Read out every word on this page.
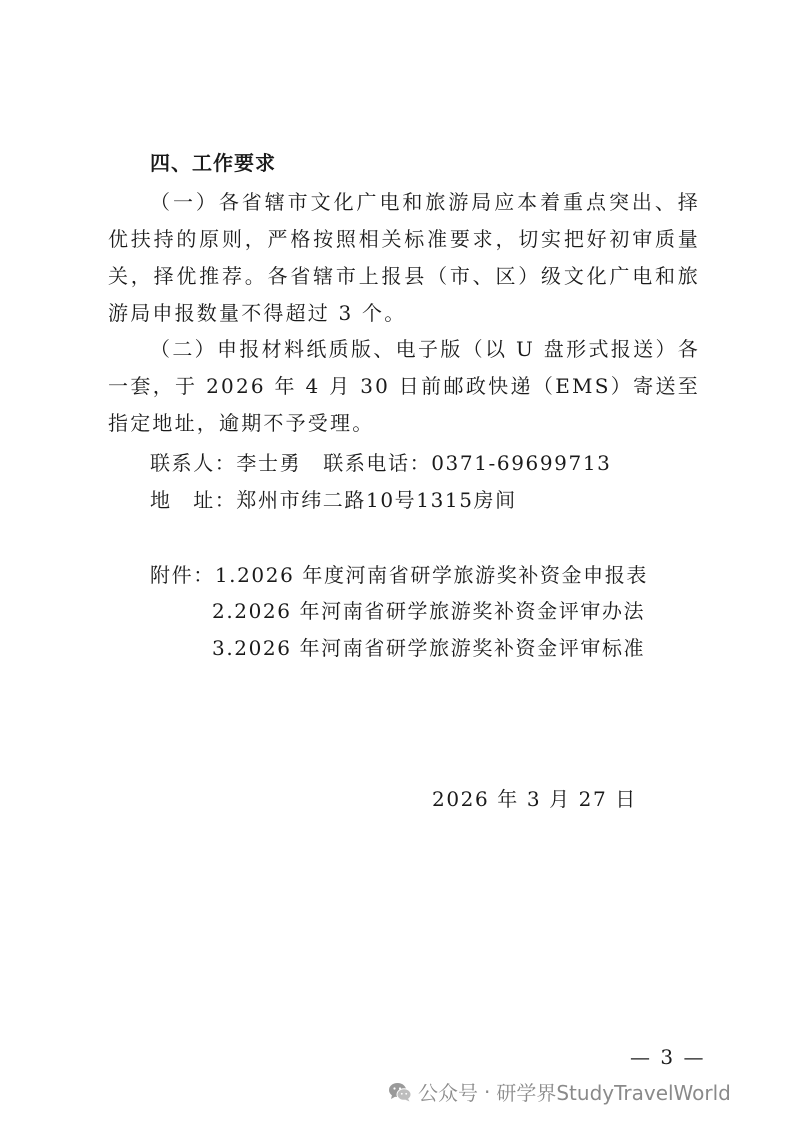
四、工作要求

（一）各省辖市文化广电和旅游局应本着重点突出、择优扶持的原则，严格按照相关标准要求，切实把好初审质量关，择优推荐。各省辖市上报县（市、区）级文化广电和旅游局申报数量不得超过 3 个。

（二）申报材料纸质版、电子版（以 U 盘形式报送）各一套，于 2026 年 4 月 30 日前邮政快递（EMS）寄送至指定地址，逾期不予受理。

联系人：李士勇 联系电话：0371-69699713
地　址：郑州市纬二路10号1315房间
附件：1.2026 年度河南省研学旅游奖补资金申报表
2.2026 年河南省研学旅游奖补资金评审办法
3.2026 年河南省研学旅游奖补资金评审标准
2026 年 3 月 27 日
— 3 —
公众号 · 研学界StudyTravelWorld
